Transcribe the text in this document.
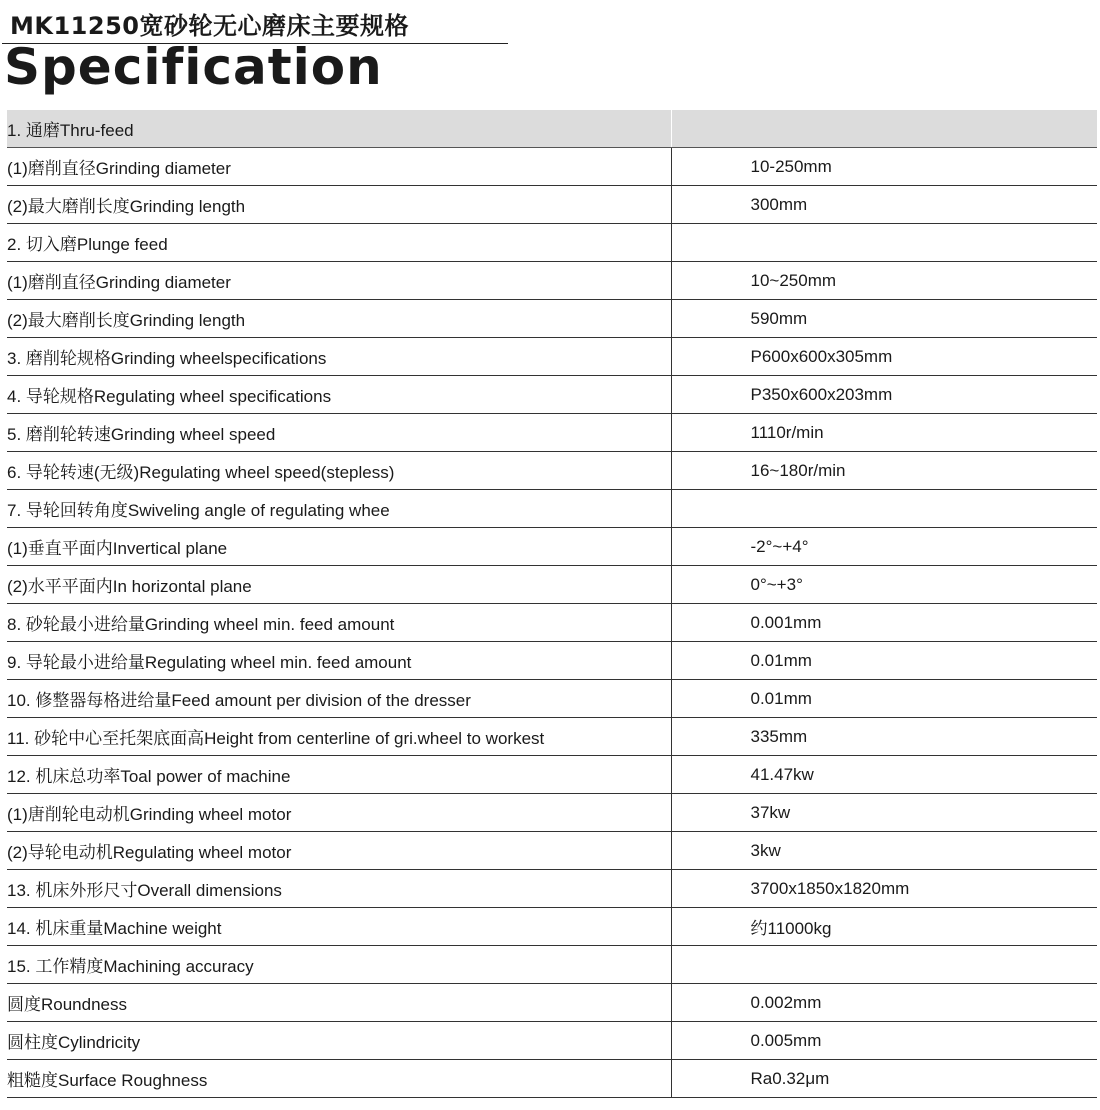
MK11250宽砂轮无心磨床主要规格
Specification
1. 通磨Thru-feed	
(1)磨削直径Grinding diameter	10-250mm
(2)最大磨削长度Grinding length	300mm
2. 切入磨Plunge feed	
(1)磨削直径Grinding diameter	10~250mm
(2)最大磨削长度Grinding length	590mm
3. 磨削轮规格Grinding wheelspecifications	P600x600x305mm
4. 导轮规格Regulating wheel specifications	P350x600x203mm
5. 磨削轮转速Grinding wheel speed	1110r/min
6. 导轮转速(无级)Regulating wheel speed(stepless)	16~180r/min
7. 导轮回转角度Swiveling angle of regulating whee	
(1)垂直平面内Invertical plane	-2°~+4°
(2)水平平面内In horizontal plane	0°~+3°
8. 砂轮最小进给量Grinding wheel min. feed amount	0.001mm
9. 导轮最小进给量Regulating wheel min. feed amount	0.01mm
10. 修整器每格进给量Feed amount per division of the dresser	0.01mm
11. 砂轮中心至托架底面高Height from centerline of gri.wheel to workest	335mm
12. 机床总功率Toal power of machine	41.47kw
(1)唐削轮电动机Grinding wheel motor	37kw
(2)导轮电动机Regulating wheel motor	3kw
13. 机床外形尺寸Overall dimensions	3700x1850x1820mm
14. 机床重量Machine weight	约11000kg
15. 工作精度Machining accuracy	
圆度Roundness	0.002mm
圆柱度Cylindricity	0.005mm
粗糙度Surface Roughness	Ra0.32μm
